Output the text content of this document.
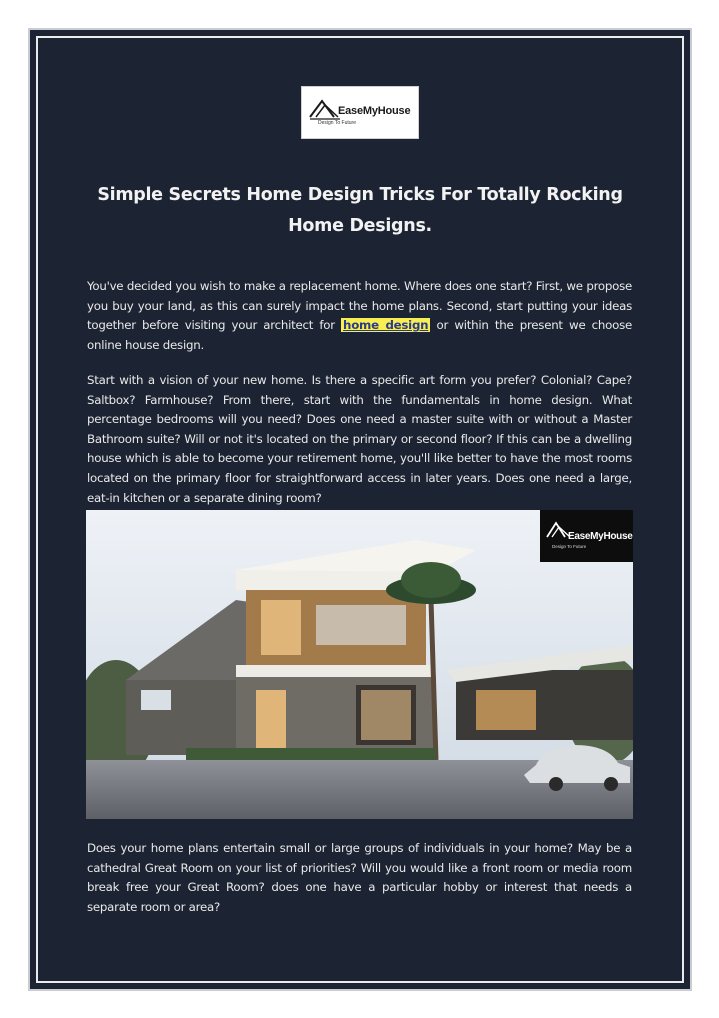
EaseMyHouse
Design To Future
Simple Secrets Home Design Tricks For Totally Rocking Home Designs.
You've decided you wish to make a replacement home. Where does one start? First, we propose you buy your land, as this can surely impact the home plans. Second, start putting your ideas together before visiting your architect for home design or within the present we choose online house design.
Start with a vision of your new home. Is there a specific art form you prefer? Colonial? Cape? Saltbox? Farmhouse? From there, start with the fundamentals in home design. What percentage bedrooms will you need? Does one need a master suite with or without a Master Bathroom suite? Will or not it's located on the primary or second floor? If this can be a dwelling house which is able to become your retirement home, you'll like better to have the most rooms located on the primary floor for straightforward access in later years. Does one need a large, eat-in kitchen or a separate dining room?
EaseMyHouse
Design To Future
Does your home plans entertain small or large groups of individuals in your home? May be a cathedral Great Room on your list of priorities? Will you would like a front room or media room break free your Great Room? does one have a particular hobby or interest that needs a separate room or area?
